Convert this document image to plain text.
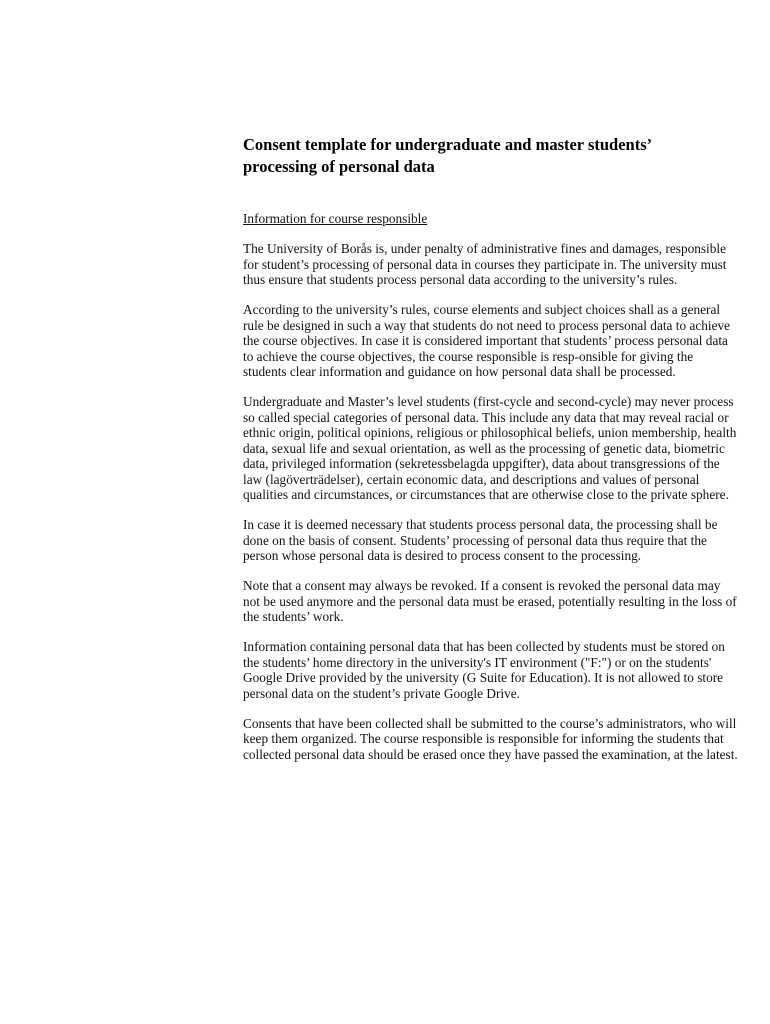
Consent template for undergraduate and master students’
processing of personal data

Information for course responsible

The University of Borås is, under penalty of administrative fines and damages, responsible for student’s processing of personal data in courses they participate in. The university must thus ensure that students process personal data according to the university’s rules.

According to the university’s rules, course elements and subject choices shall as a general rule be designed in such a way that students do not need to process personal data to achieve the course objectives. In case it is considered important that students’ process personal data to achieve the course objectives, the course responsible is resp-onsible for giving the students clear information and guidance on how personal data shall be processed.

Undergraduate and Master’s level students (first-cycle and second-cycle) may never process so called special categories of personal data. This include any data that may reveal racial or ethnic origin, political opinions, religious or philosophical beliefs, union membership, health data, sexual life and sexual orientation, as well as the processing of genetic data, biometric data, privileged information (sekretessbelagda uppgifter), data about transgressions of the law (lagöverträdelser), certain economic data, and descriptions and values of personal qualities and circumstances, or circumstances that are otherwise close to the private sphere.

In case it is deemed necessary that students process personal data, the processing shall be done on the basis of consent. Students’ processing of personal data thus require that the person whose personal data is desired to process consent to the processing.

Note that a consent may always be revoked. If a consent is revoked the personal data may not be used anymore and the personal data must be erased, potentially resulting in the loss of the students’ work.

Information containing personal data that has been collected by students must be stored on the students’ home directory in the university's IT environment ("F:") or on the students' Google Drive provided by the university (G Suite for Education). It is not allowed to store personal data on the student’s private Google Drive.

Consents that have been collected shall be submitted to the course’s administrators, who will keep them organized. The course responsible is responsible for informing the students that collected personal data should be erased once they have passed the examination, at the latest.
